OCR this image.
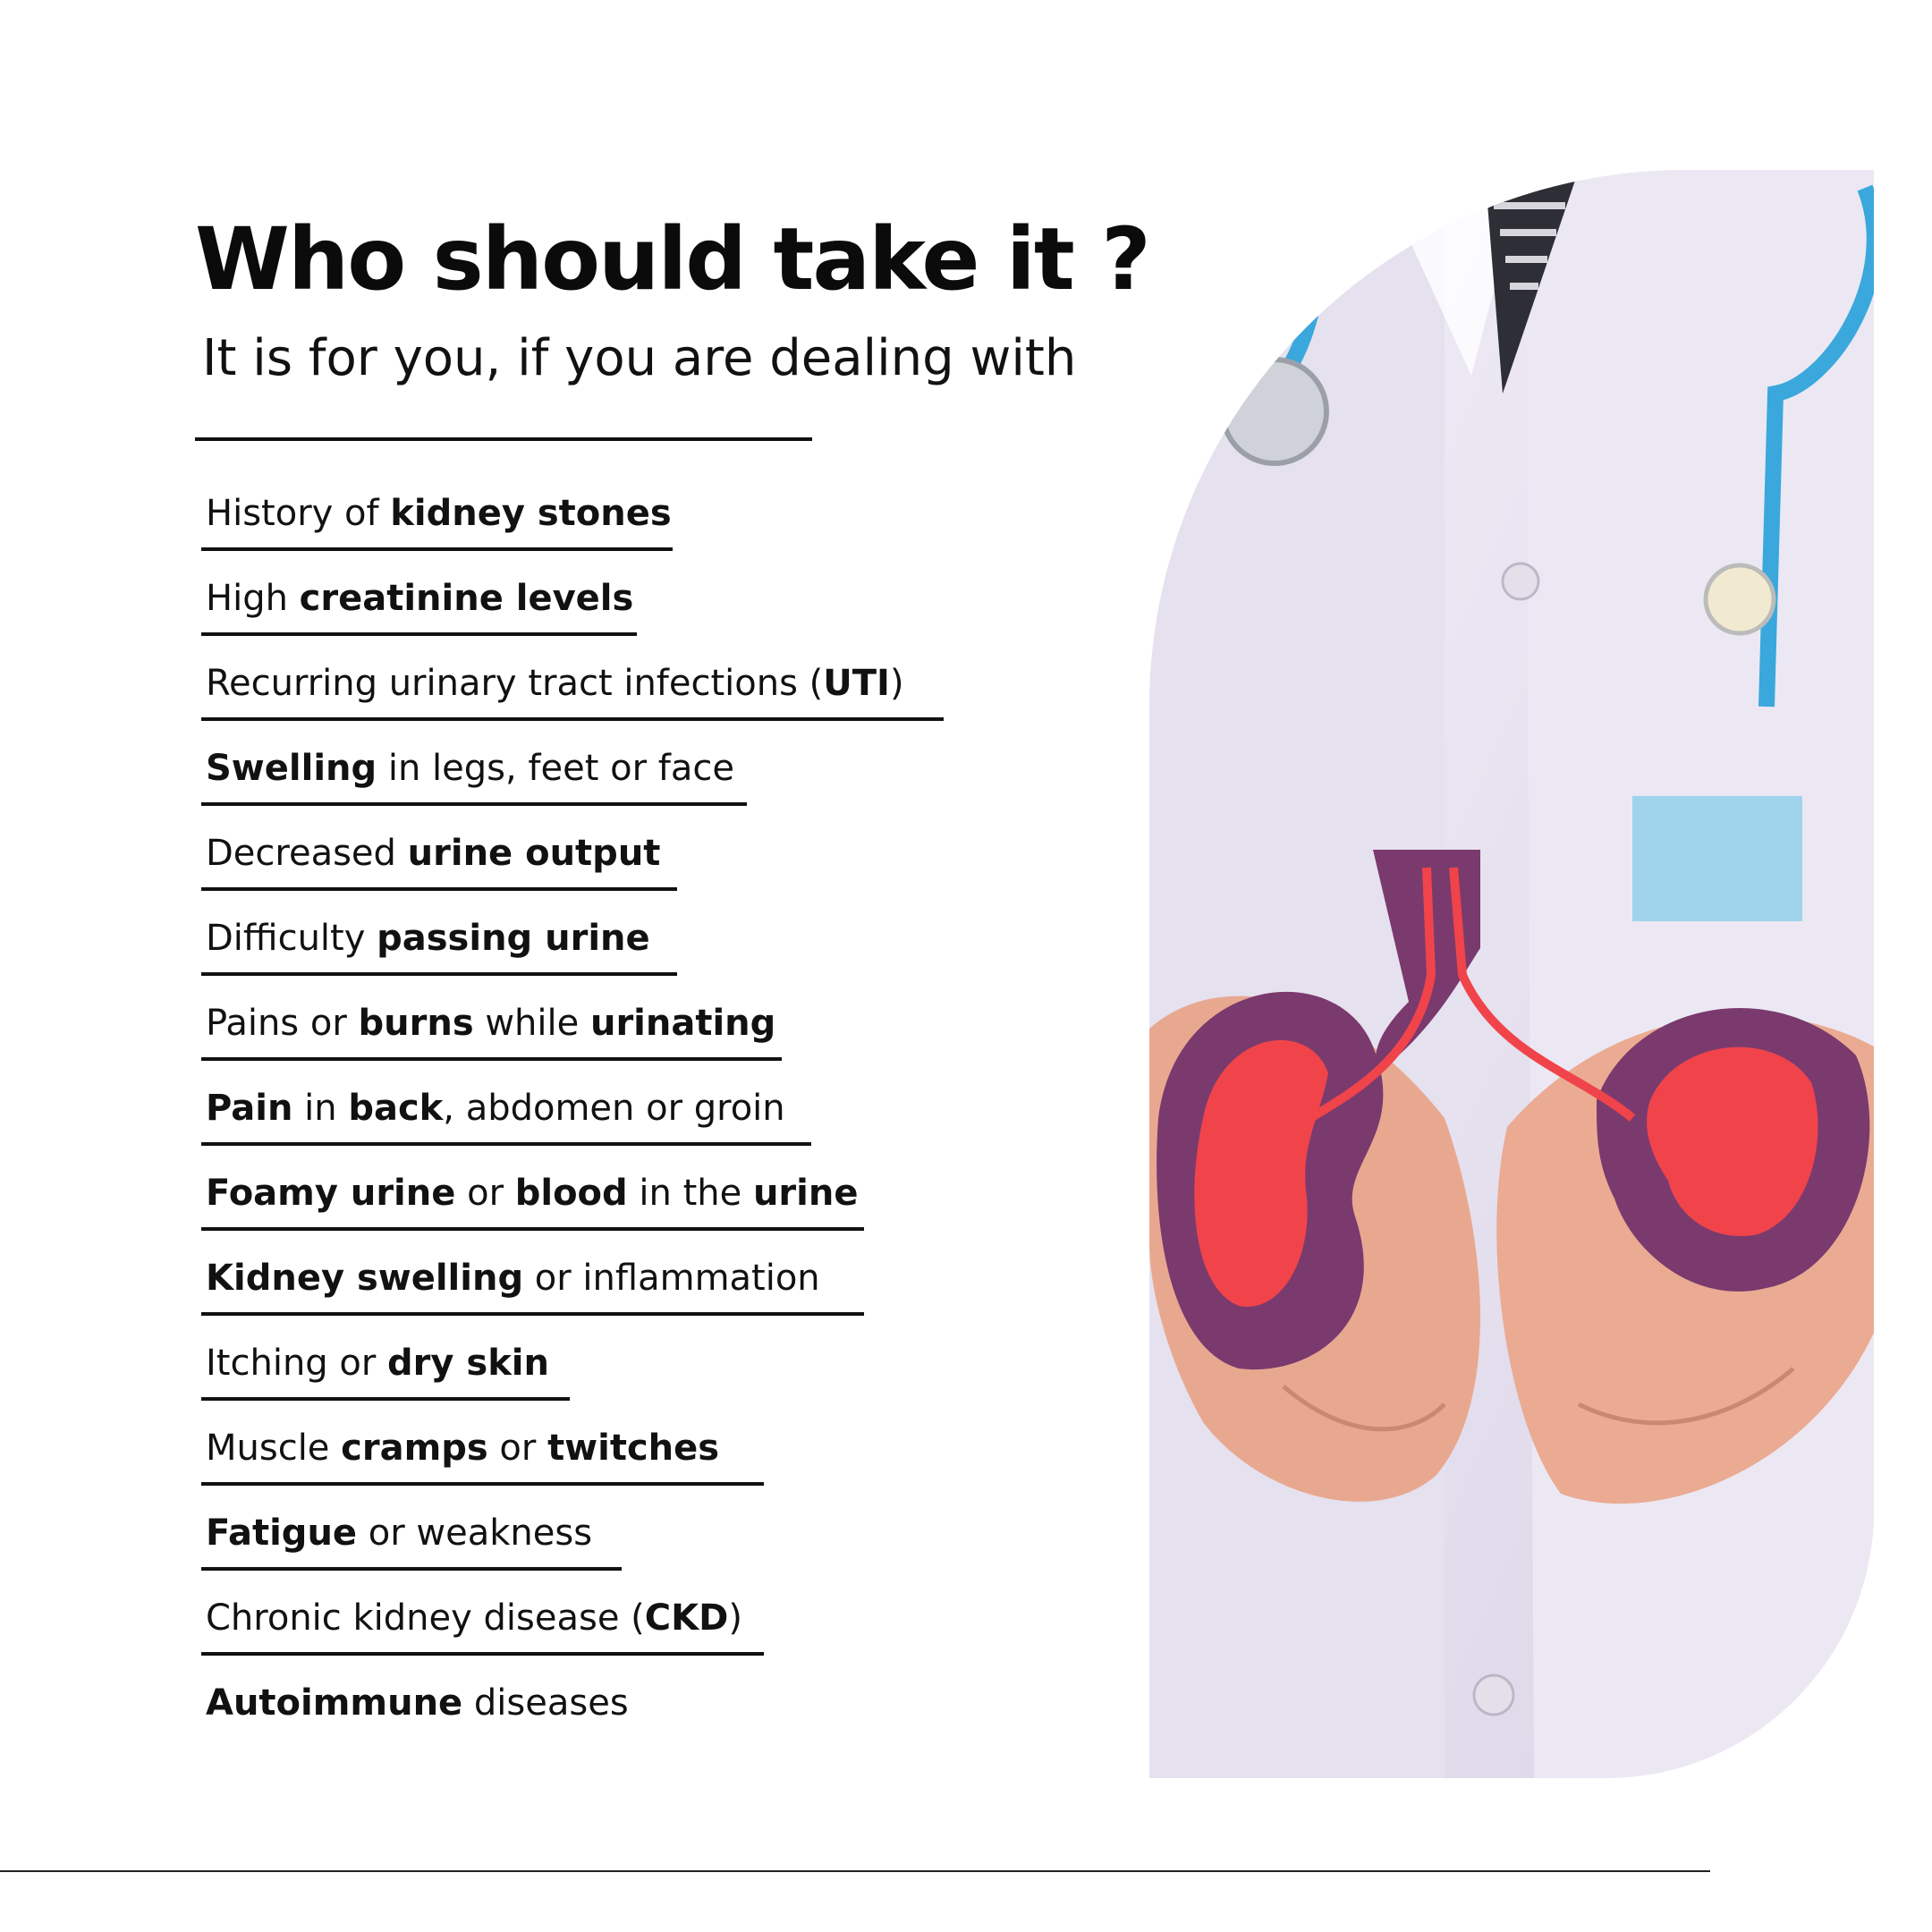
Who should take it ?

It is for you, if you are dealing with

History of kidney stones

High creatinine levels

Recurring urinary tract infections (UTI)

Swelling in legs, feet or face

Decreased urine output

Difficulty passing urine

Pains or burns while urinating

Pain in back, abdomen or groin

Foamy urine or blood in the urine

Kidney swelling or inflammation

Itching or dry skin

Muscle cramps or twitches

Fatigue or weakness

Chronic kidney disease (CKD)

Autoimmune diseases
